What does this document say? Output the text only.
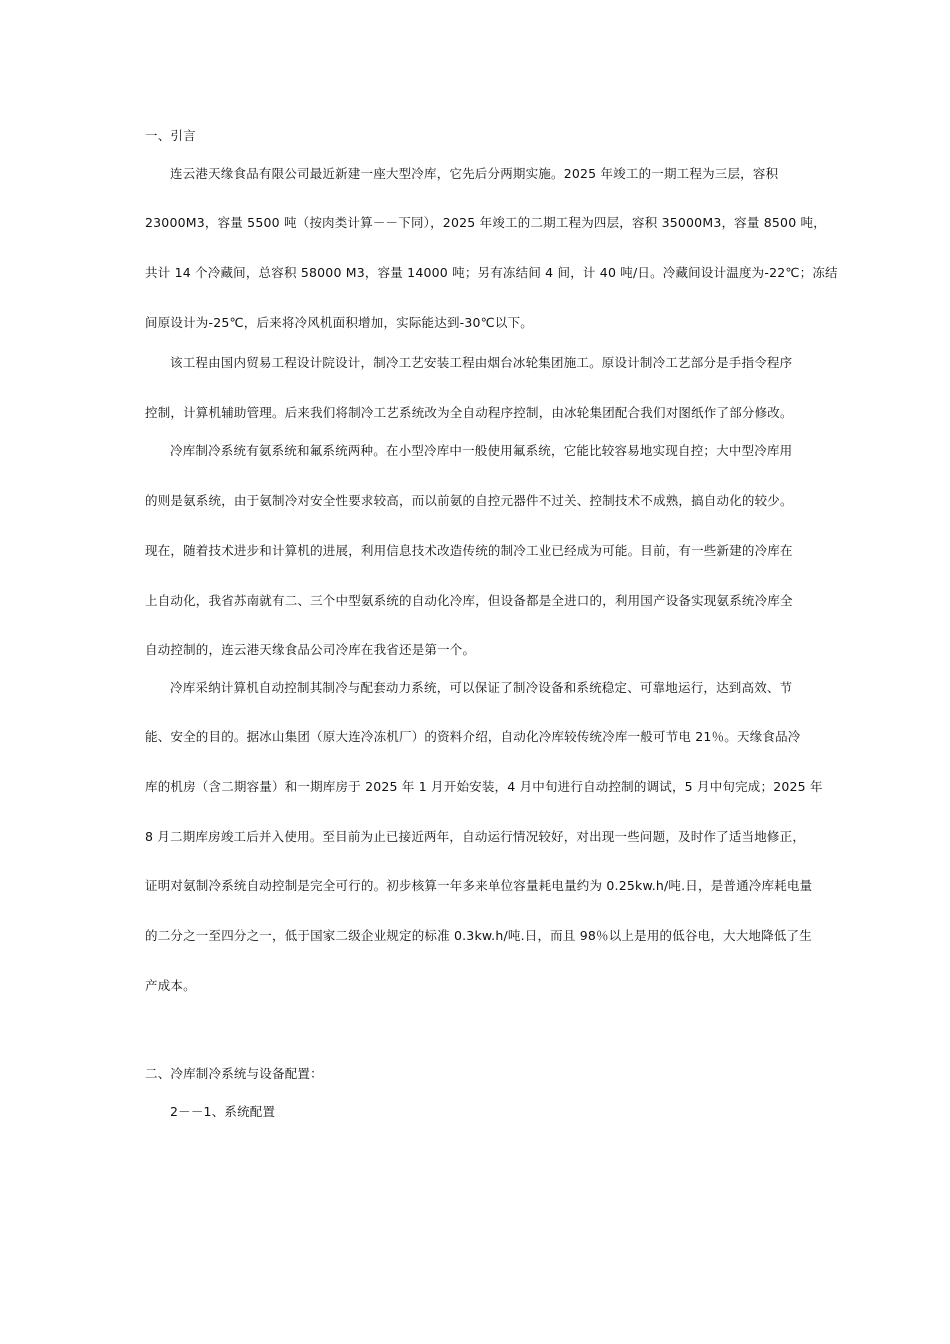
一、引言
连云港天缘食品有限公司最近新建一座大型冷库，它先后分两期实施。2025 年竣工的一期工程为三层，容积
23000M3，容量 5500 吨（按肉类计算－－下同），2025 年竣工的二期工程为四层，容积 35000M3，容量 8500 吨，
共计 14 个冷藏间，总容积 58000 M3，容量 14000 吨；另有冻结间 4 间，计 40 吨/日。冷藏间设计温度为-22℃；冻结
间原设计为-25℃，后来将冷风机面积增加，实际能达到-30℃以下。
该工程由国内贸易工程设计院设计，制冷工艺安装工程由烟台冰轮集团施工。原设计制冷工艺部分是手指令程序
控制，计算机辅助管理。后来我们将制冷工艺系统改为全自动程序控制，由冰轮集团配合我们对图纸作了部分修改。
冷库制冷系统有氨系统和氟系统两种。在小型冷库中一般使用氟系统，它能比较容易地实现自控；大中型冷库用
的则是氨系统，由于氨制冷对安全性要求较高，而以前氨的自控元器件不过关、控制技术不成熟，搞自动化的较少。
现在，随着技术进步和计算机的进展，利用信息技术改造传统的制冷工业已经成为可能。目前，有一些新建的冷库在
上自动化，我省苏南就有二、三个中型氨系统的自动化冷库，但设备都是全进口的，利用国产设备实现氨系统冷库全
自动控制的，连云港天缘食品公司冷库在我省还是第一个。
冷库采纳计算机自动控制其制冷与配套动力系统，可以保证了制冷设备和系统稳定、可靠地运行，达到高效、节
能、安全的目的。据冰山集团（原大连冷冻机厂）的资料介绍，自动化冷库较传统冷库一般可节电 21％。天缘食品冷
库的机房（含二期容量）和一期库房于 2025 年 1 月开始安装，4 月中旬进行自动控制的调试，5 月中旬完成；2025 年
8 月二期库房竣工后并入使用。至目前为止已接近两年，自动运行情况较好，对出现一些问题，及时作了适当地修正，
证明对氨制冷系统自动控制是完全可行的。初步核算一年多来单位容量耗电量约为 0.25kw.h/吨.日，是普通冷库耗电量
的二分之一至四分之一，低于国家二级企业规定的标准 0.3kw.h/吨.日，而且 98％以上是用的低谷电，大大地降低了生
产成本。
二、冷库制冷系统与设备配置：
2－－1、系统配置
